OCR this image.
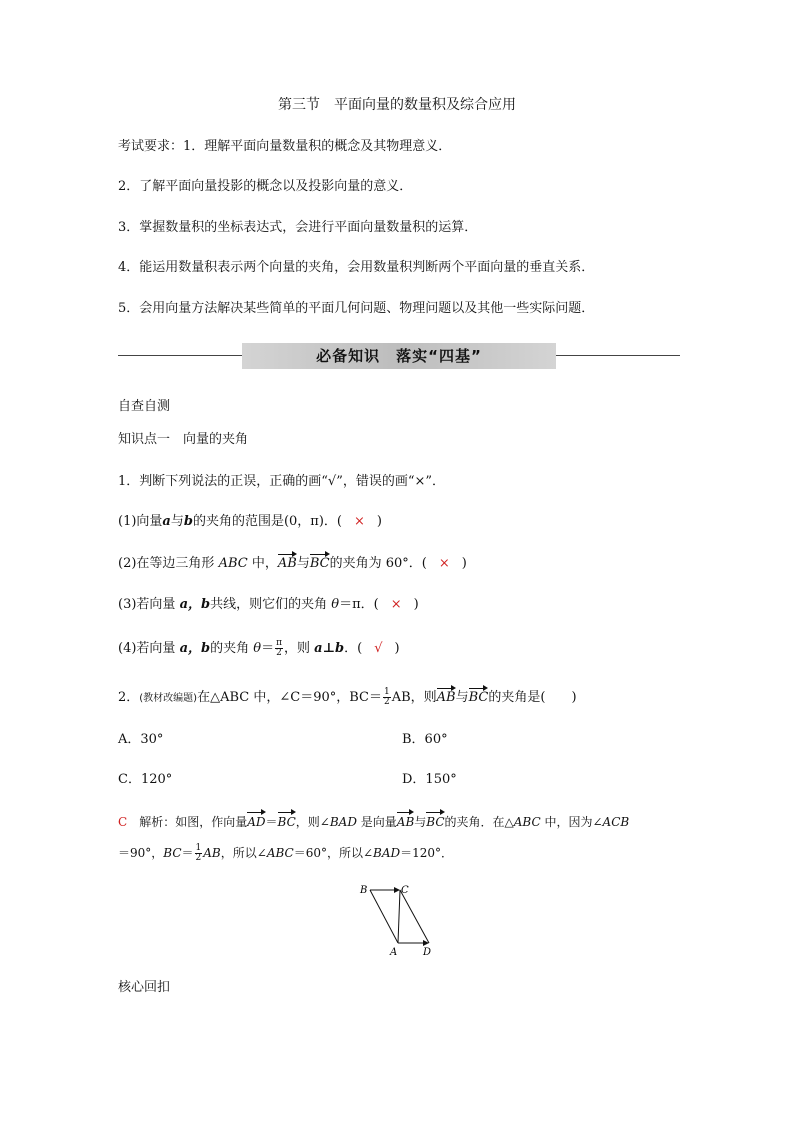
第三节　平面向量的数量积及综合应用
考试要求：1．理解平面向量数量积的概念及其物理意义．
2．了解平面向量投影的概念以及投影向量的意义．
3．掌握数量积的坐标表达式，会进行平面向量数量积的运算．
4．能运用数量积表示两个向量的夹角，会用数量积判断两个平面向量的垂直关系．
5．会用向量方法解决某些简单的平面几何问题、物理问题以及其他一些实际问题．
必备知识　落实“四基”
自查自测
知识点一　向量的夹角
1．判断下列说法的正误，正确的画“√”，错误的画“×”．
(1)向量a与b的夹角的范围是(0，π)．( × )
(2)在等边三角形 ABC 中，AB与BC的夹角为 60°．( × )
(3)若向量 a，b共线，则它们的夹角 θ＝π．( × )
(4)若向量 a，b的夹角 $\theta= \frac{\pi}{2}$ ，则 a⊥b．( √ )
2．(教材改编题)在△ABC 中，∠C＝90°，$BC= \frac{1}{2}$ AB，则AB与BC的夹角是(　　)
A．30°	B．60°
C．120°	D．150°
C　 解析：如图，作向量AD＝BC，则∠BAD 是向量AB与BC的夹角．在△ABC 中，因为∠ACB
＝90°，$BC= \frac{1}{2}$ AB，所以∠ABC＝60°，所以∠BAD＝120°．
B	C
A	D
核心回扣
